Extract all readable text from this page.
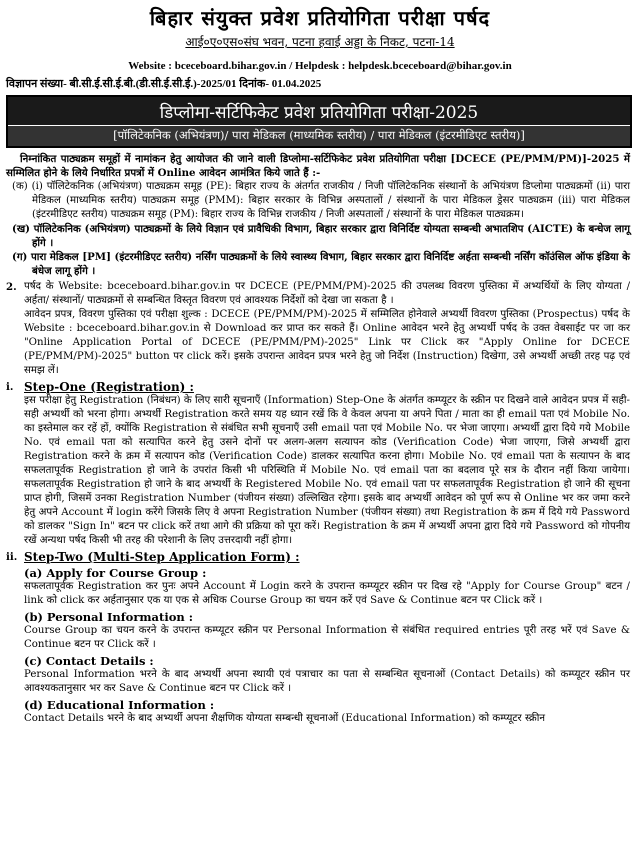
बिहार संयुक्त प्रवेश प्रतियोगिता परीक्षा पर्षद
आई०ए०एस०संघ भवन, पटना हवाई अड्डा के निकट, पटना-14
Website : bceceboard.bihar.gov.in / Helpdesk : helpdesk.bceceboard@bihar.gov.in
विज्ञापन संख्या- बी.सी.ई.सी.ई.बी.(डी.सी.ई.सी.ई.)-2025/01 दिनांक- 01.04.2025
डिप्लोमा-सर्टिफिकेट प्रवेश प्रतियोगिता परीक्षा-2025
[पॉलिटेकनिक (अभियंत्रण)/ पारा मेडिकल (माध्यमिक स्तरीय) / पारा मेडिकल (इंटरमीडिएट स्तरीय)]
निम्नांकित पाठ्यक्रम समूहों में नामांकन हेतु आयोजत की जाने वाली डिप्लोमा-सर्टिफिकेट प्रवेश प्रतियोगिता परीक्षा [DCECE (PE/PMM/PM)]-2025 में सम्मिलित होने के लिये निर्धारित प्रपत्रों में Online आवेदन आमंत्रित किये जाते हैं :-
(क) (i) पॉलिटेकनिक (अभियंत्रण) पाठ्यक्रम समूह (PE): बिहार राज्य के अंतर्गत राजकीय / निजी पॉलिटेकनिक संस्थानों के अभियंत्रण डिप्लोमा पाठ्यक्रमों (ii) पारा मेडिकल (माध्यमिक स्तरीय) पाठ्यक्रम समूह (PMM): बिहार सरकार के विभिन्न अस्पतालों / संस्थानों के पारा मेडिकल ड्रेसर पाठ्यक्रम (iii) पारा मेडिकल (इंटरमीडिएट स्तरीय) पाठ्यक्रम समूह (PM): बिहार राज्य के विभिन्न राजकीय / निजी अस्पतालों / संस्थानों के पारा मेडिकल पाठ्यक्रम।
(ख) पॉलिटेकनिक (अभियंत्रण) पाठ्यक्रमों के लिये विज्ञान एवं प्रावैधिकी विभाग, बिहार सरकार द्वारा विनिर्दिष्ट योग्यता सम्बन्धी अभातशिप (AICTE) के बन्धेज लागू होंगे ।
(ग) पारा मेडिकल [PM] (इंटरमीडिएट स्तरीय) नर्सिंग पाठ्यक्रमों के लिये स्वास्थ्य विभाग, बिहार सरकार द्वारा विनिर्दिष्ट अर्हता सम्बन्धी नर्सिंग कॉउंसिल ऑफ इंडिया के बंधेज लागू होंगे ।
2. पर्षद के Website: bceceboard.bihar.gov.in पर DCECE (PE/PMM/PM)-2025 की उपलब्ध विवरण पुस्तिका में अभ्यर्थियों के लिए योग्यता / अर्हता/ संस्थानों/ पाठ्यक्रमों से सम्बन्धित विस्तृत विवरण एवं आवश्यक निर्देशों को देखा जा सकता है ।
आवेदन प्रपत्र, विवरण पुस्तिका एवं परीक्षा शुल्क : DCECE (PE/PMM/PM)-2025 में सम्मिलित होनेवाले अभ्यर्थी विवरण पुस्तिका (Prospectus) पर्षद के Website : bceceboard.bihar.gov.in से Download कर प्राप्त कर सकते हैं। Online आवेदन भरने हेतु अभ्यर्थी पर्षद के उक्त वेबसाईट पर जा कर "Online Application Portal of DCECE (PE/PMM/PM)-2025" Link पर Click कर "Apply Online for DCECE (PE/PMM/PM)-2025" button पर click करें। इसके उपरान्त आवेदन प्रपत्र भरने हेतु जो निर्देश (Instruction) दिखेगा, उसे अभ्यर्थी अच्छी तरह पढ़ एवं समझ लें।
i. Step-One (Registration) :
इस परीक्षा हेतु Registration (निबंधन) के लिए सारी सूचनाएँ (Information) Step-One के अंतर्गत कम्प्यूटर के स्क्रीन पर दिखने वाले आवेदन प्रपत्र में सही-सही अभ्यर्थी को भरना होगा। अभ्यर्थी Registration करते समय यह ध्यान रखें कि वे केवल अपना या अपने पिता / माता का ही email पता एवं Mobile No. का इस्तेमाल कर रहें हों, क्योंकि Registration से संबंधित सभी सूचनाएँ उसी email पता एवं Mobile No. पर भेजा जाएगा। अभ्यर्थी द्वारा दिये गये Mobile No. एवं email पता को सत्यापित करने हेतु उसने दोनों पर अलग-अलग सत्यापन कोड (Verification Code) भेजा जाएगा, जिसे अभ्यर्थी द्वारा Registration करने के क्रम में सत्यापन कोड (Verification Code) डालकर सत्यापित करना होगा। Mobile No. एवं email पता के सत्यापन के बाद सफलतापूर्वक Registration हो जाने के उपरांत किसी भी परिस्थिति में Mobile No. एवं email पता का बदलाव पूरे सत्र के दौरान नहीं किया जायेगा। सफलतापूर्वक Registration हो जाने के बाद अभ्यर्थी के Registered Mobile No. एवं email पता पर सफलतापूर्वक Registration हो जाने की सूचना प्राप्त होगी, जिसमें उनका Registration Number (पंजीयन संख्या) उल्लिखित रहेगा। इसके बाद अभ्यर्थी आवेदन को पूर्ण रूप से Online भर कर जमा करने हेतु अपने Account में login करेंगे जिसके लिए वे अपना Registration Number (पंजीयन संख्या) तथा Registration के क्रम में दिये गये Password को डालकर "Sign In" बटन पर click करें तथा आगे की प्रक्रिया को पूरा करें। Registration के क्रम में अभ्यर्थी अपना द्वारा दिये गये Password को गोपनीय रखें अन्यथा पर्षद किसी भी तरह की परेशानी के लिए उत्तरदायी नहीं होगा।
ii. Step-Two (Multi-Step Application Form) :
(a) Apply for Course Group :
सफलतापूर्वक Registration कर पुनः अपने Account में Login करने के उपरान्त कम्प्यूटर स्क्रीन पर दिख रहे "Apply for Course Group" बटन / link को click कर अर्हतानुसार एक या एक से अधिक Course Group का चयन करें एवं Save & Continue बटन पर Click करें ।
(b) Personal Information :
Course Group का चयन करने के उपरान्त कम्प्यूटर स्क्रीन पर Personal Information से संबंधित required entries पूरी तरह भरें एवं Save & Continue बटन पर Click करें ।
(c) Contact Details :
Personal Information भरने के बाद अभ्यर्थी अपना स्थायी एवं पत्राचार का पता से सम्बन्धित सूचनाओं (Contact Details) को कम्प्यूटर स्क्रीन पर आवश्यकतानुसार भर कर Save & Continue बटन पर Click करें ।
(d) Educational Information :
Contact Details भरने के बाद अभ्यर्थी अपना शैक्षणिक योग्यता सम्बन्धी सूचनाओं (Educational Information) को कम्प्यूटर स्क्रीन
